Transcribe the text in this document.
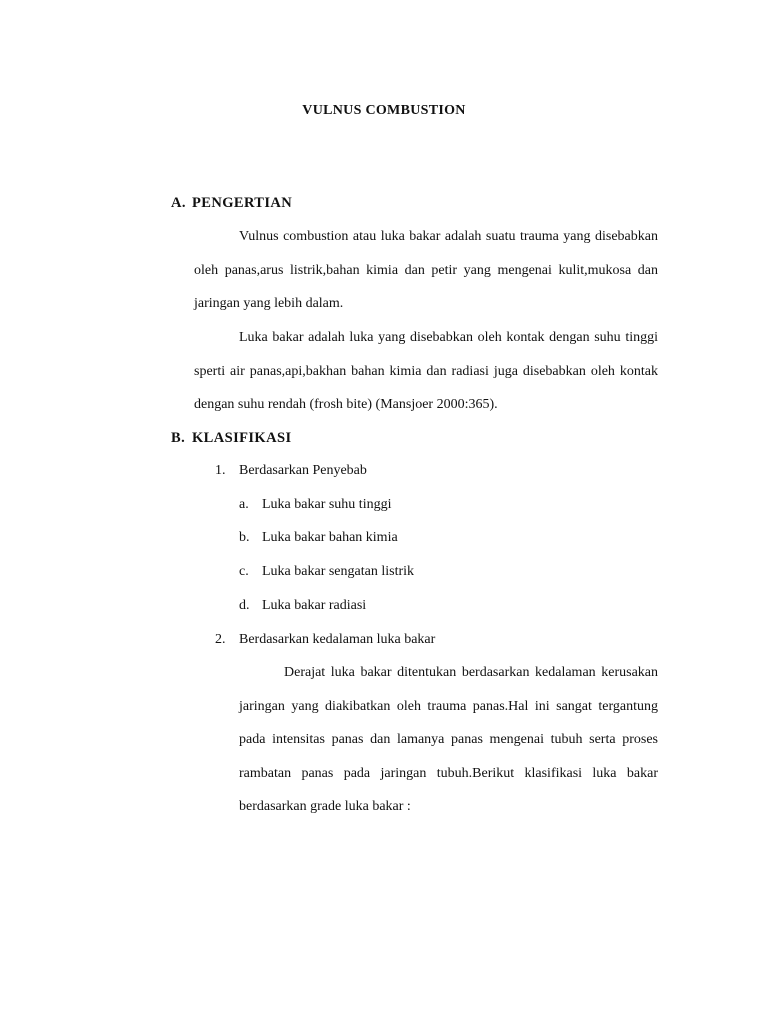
VULNUS COMBUSTION
A. PENGERTIAN

Vulnus combustion atau luka bakar adalah suatu trauma yang disebabkan oleh panas,arus listrik,bahan kimia dan petir yang mengenai kulit,mukosa dan jaringan yang lebih dalam.

Luka bakar adalah luka yang disebabkan oleh kontak dengan suhu tinggi sperti air panas,api,bakhan bahan kimia dan radiasi juga disebabkan oleh kontak dengan suhu rendah (frosh bite) (Mansjoer 2000:365).

B. KLASIFIKASI
1. Berdasarkan Penyebab
a. Luka bakar suhu tinggi
b. Luka bakar bahan kimia
c. Luka bakar sengatan listrik
d. Luka bakar radiasi
2. Berdasarkan kedalaman luka bakar

Derajat luka bakar ditentukan berdasarkan kedalaman kerusakan jaringan yang diakibatkan oleh trauma panas.Hal ini sangat tergantung pada intensitas panas dan lamanya panas mengenai tubuh serta proses rambatan panas pada jaringan tubuh.Berikut klasifikasi luka bakar berdasarkan grade luka bakar :
